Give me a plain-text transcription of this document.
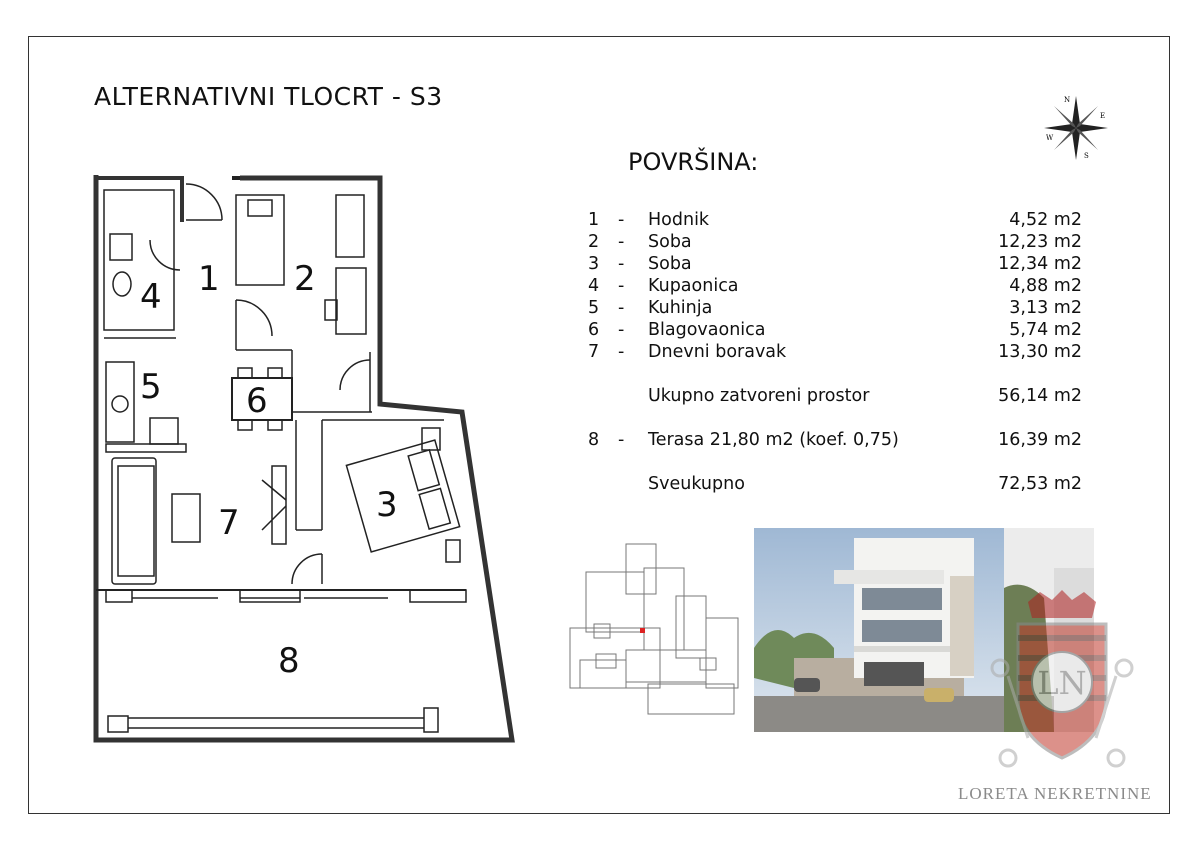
ALTERNATIVNI TLOCRT - S3	N
E
S
W
POVRŠINA:
1 - Hodnik	4,52 m2
2 - Soba	12,23 m2
3 - Soba	12,34 m2
4 - Kupaonica	4,88 m2
5 - Kuhinja	3,13 m2
6 - Blagovaonica	5,74 m2
7 - Dnevni boravak	13,30 m2
Ukupno zatvoreni prostor	56,14 m2
8 - Terasa 21,80 m2 (koef. 0,75)	16,39 m2
Sveukupno	72,53 m2
1 2
3
4
5 6
7
8
LN
LORETA NEKRETNINE
